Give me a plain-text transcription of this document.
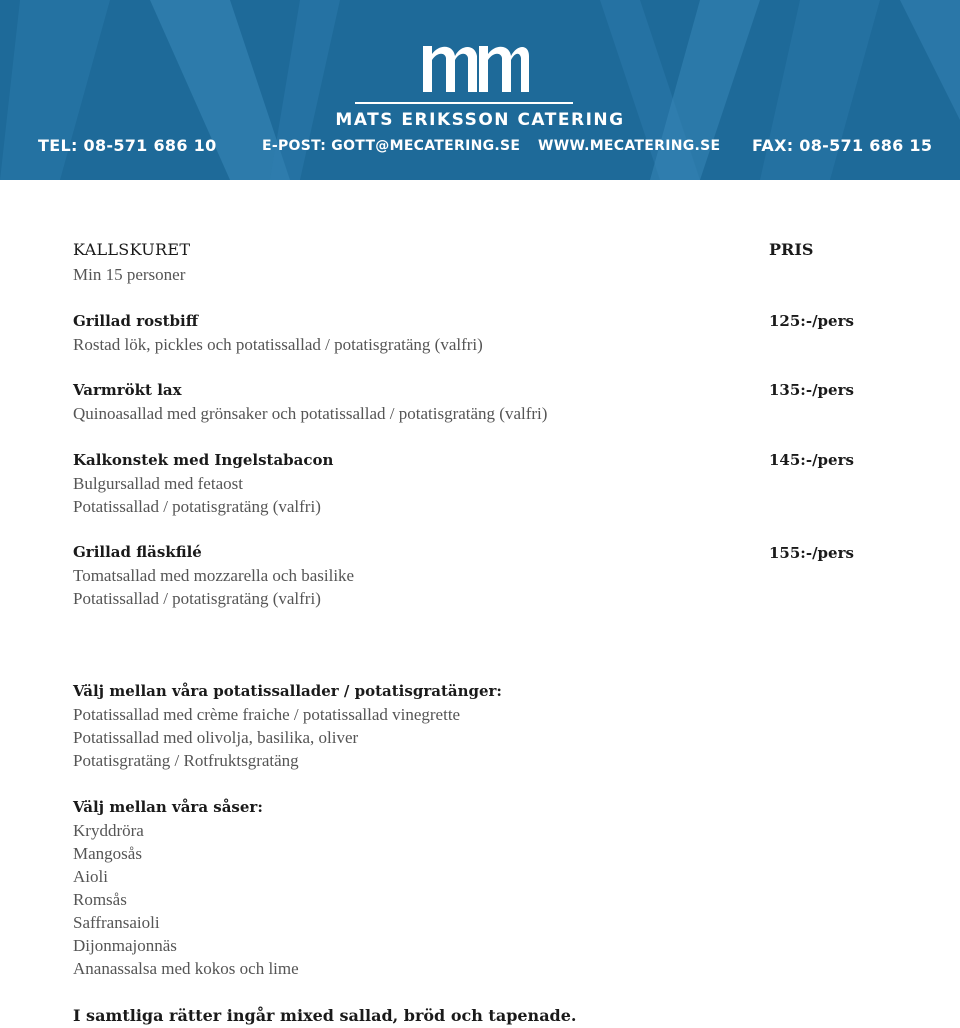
MATS ERIKSSON CATERING
TEL: 08-571 686 10	E-POST: GOTT@MECATERING.SE WWW.MECATERING.SE FAX: 08-571 686 15
KALLSKURET
Min 15 personer
PRIS
Grillad rostbiff
Rostad lök, pickles och potatissallad / potatisgratäng (valfri)
125:-/pers
Varmrökt lax
Quinoasallad med grönsaker och potatissallad / potatisgratäng (valfri)
135:-/pers
Kalkonstek med Ingelstabacon
Bulgursallad med fetaost
Potatissallad / potatisgratäng (valfri)
145:-/pers
Grillad fläskfilé
Tomatsallad med mozzarella och basilike
Potatissallad / potatisgratäng (valfri)
155:-/pers
Välj mellan våra potatissallader / potatisgratänger:
Potatissallad med crème fraiche / potatissallad vinegrette
Potatissallad med olivolja, basilika, oliver
Potatisgratäng / Rotfruktsgratäng
Välj mellan våra såser:
Kryddröra
Mangosås
Aioli
Romsås
Saffransaioli
Dijonmajonnäs
Ananassalsa med kokos och lime
I samtliga rätter ingår mixed sallad, bröd och tapenade.
